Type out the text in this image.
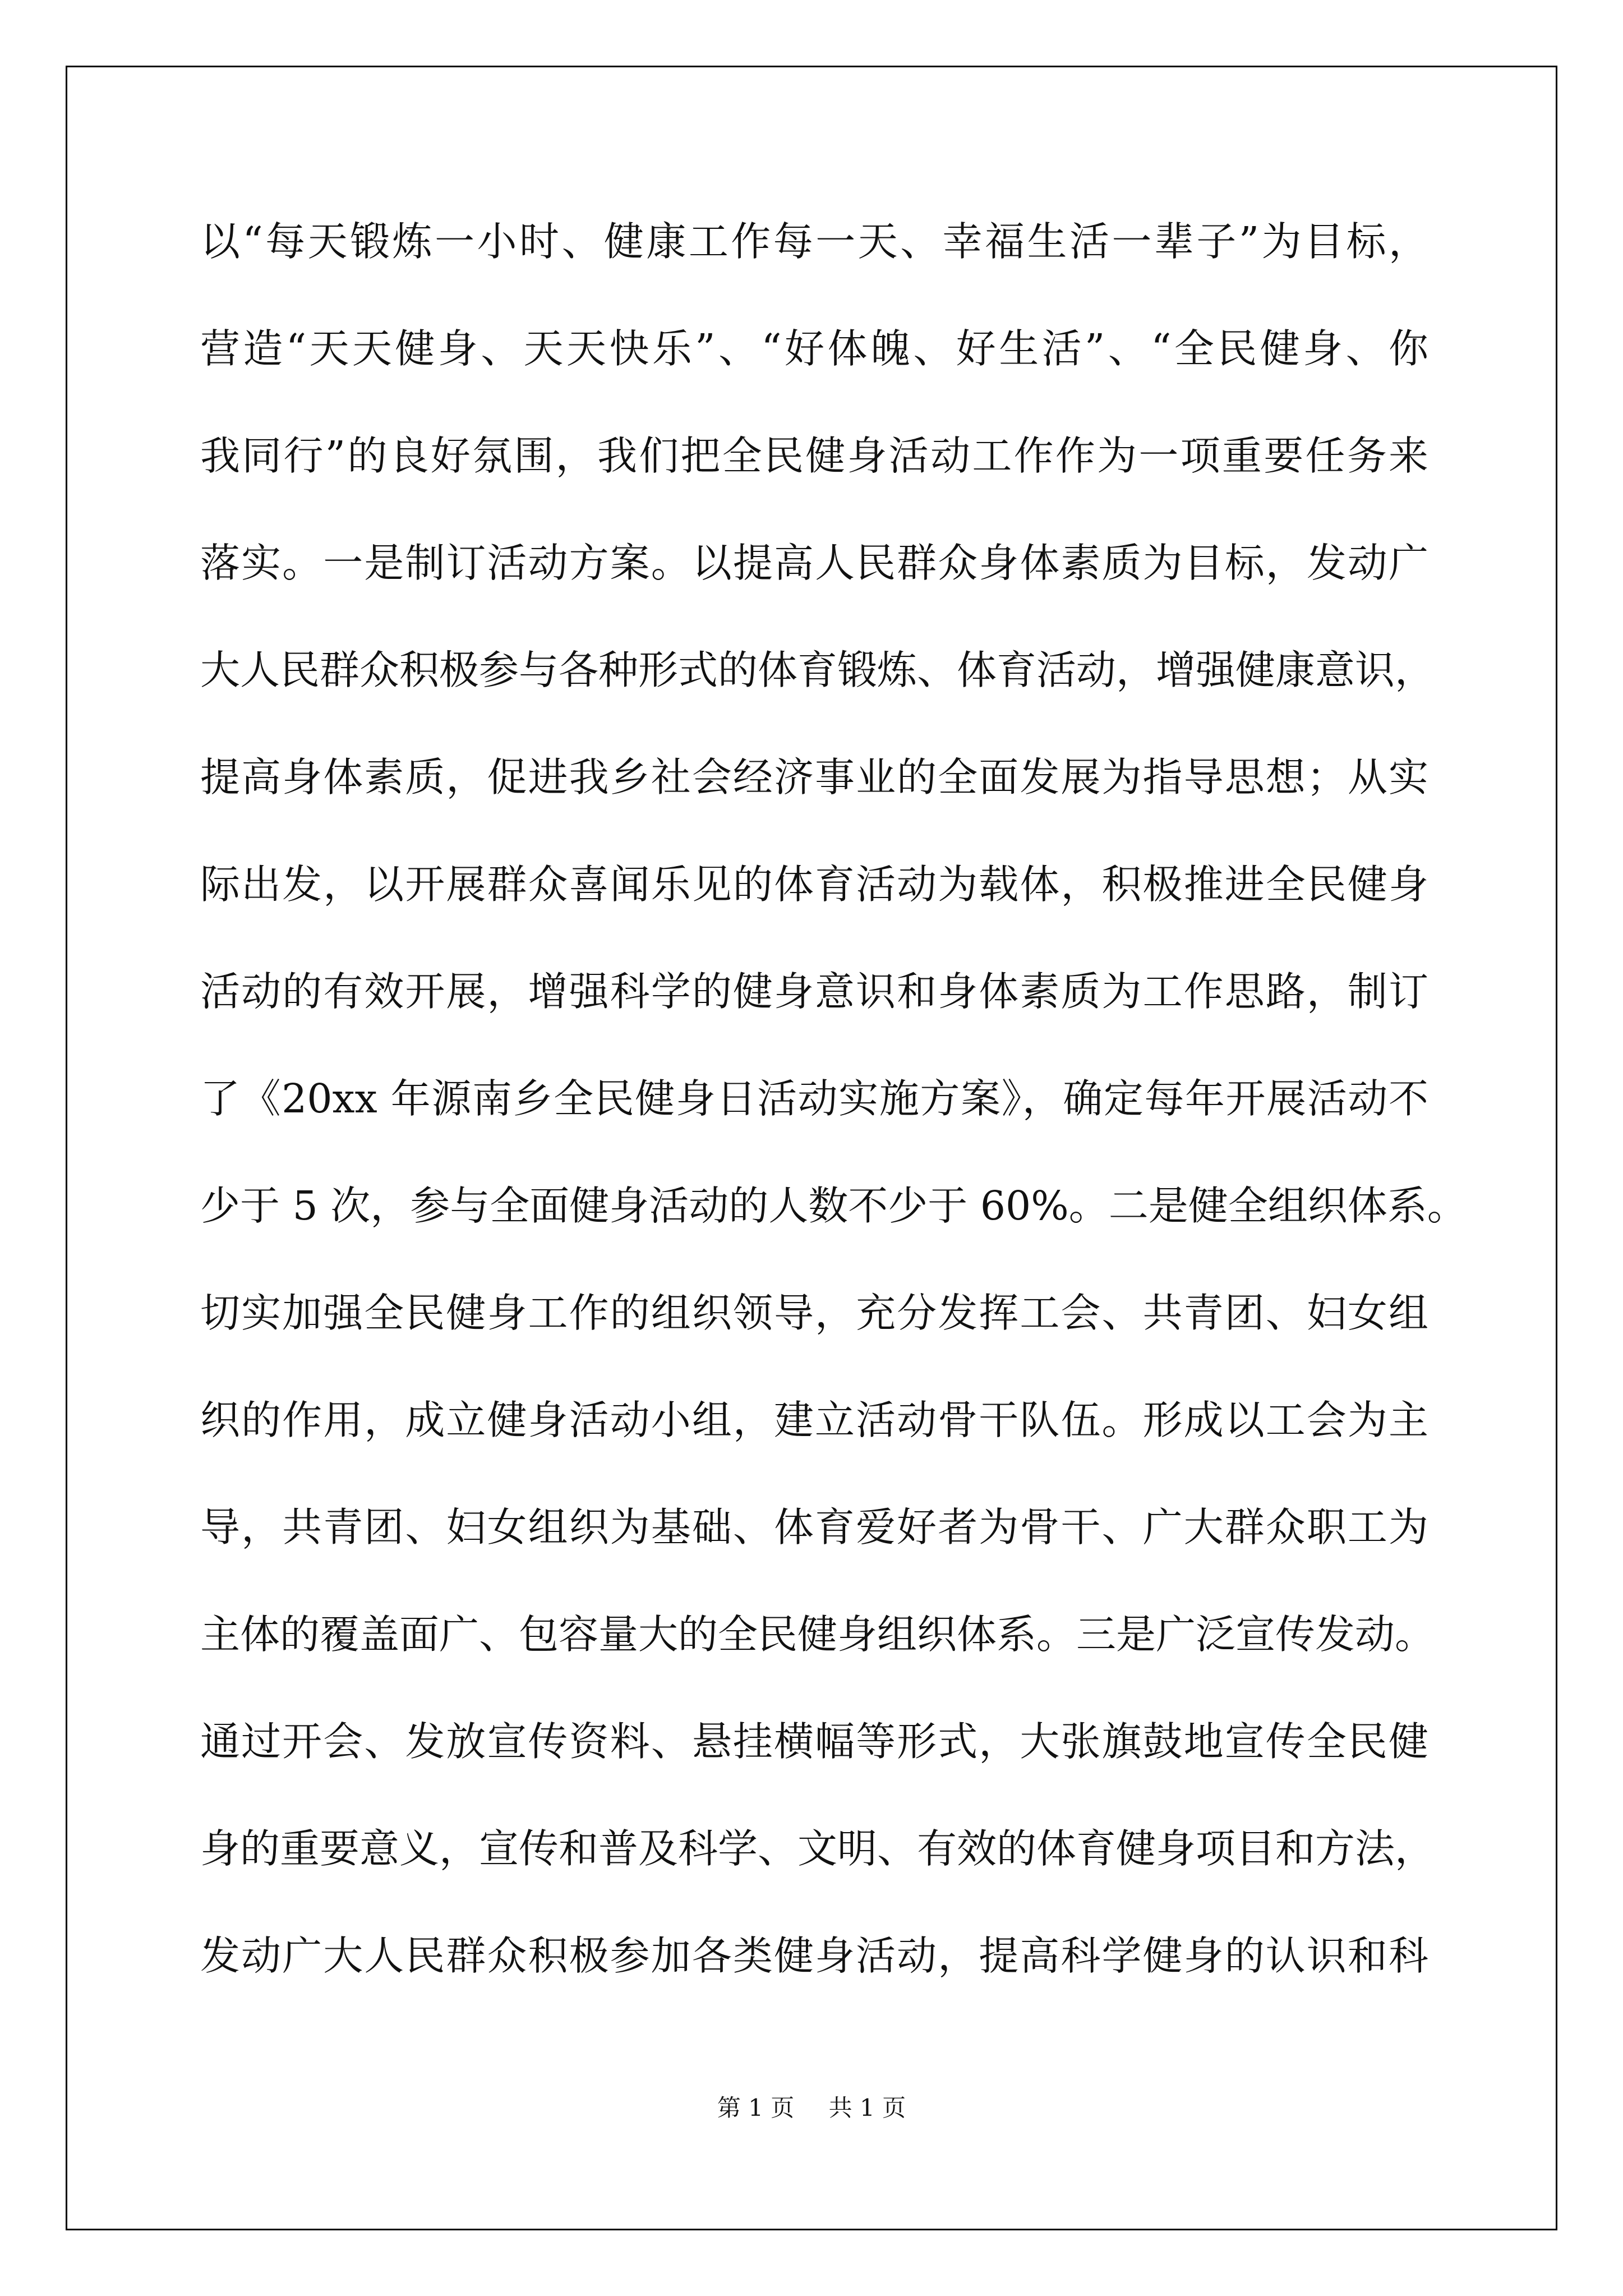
以“每天锻炼一小时、健康工作每一天、幸福生活一辈子”为目标，
营造“天天健身、天天快乐”、“好体魄、好生活”、“全民健身、你
我同行”的良好氛围，我们把全民健身活动工作作为一项重要任务来
落实。一是制订活动方案。以提高人民群众身体素质为目标，发动广
大人民群众积极参与各种形式的体育锻炼、体育活动，增强健康意识，
提高身体素质，促进我乡社会经济事业的全面发展为指导思想；从实
际出发，以开展群众喜闻乐见的体育活动为载体，积极推进全民健身
活动的有效开展，增强科学的健身意识和身体素质为工作思路，制订
了《20xx 年源南乡全民健身日活动实施方案》，确定每年开展活动不
少于 5 次，参与全面健身活动的人数不少于 60%。二是健全组织体系。
切实加强全民健身工作的组织领导，充分发挥工会、共青团、妇女组
织的作用，成立健身活动小组，建立活动骨干队伍。形成以工会为主
导，共青团、妇女组织为基础、体育爱好者为骨干、广大群众职工为
主体的覆盖面广、包容量大的全民健身组织体系。三是广泛宣传发动。
通过开会、发放宣传资料、悬挂横幅等形式，大张旗鼓地宣传全民健
身的重要意义，宣传和普及科学、文明、有效的体育健身项目和方法，
发动广大人民群众积极参加各类健身活动，提高科学健身的认识和科
第 1 页 共 1 页
